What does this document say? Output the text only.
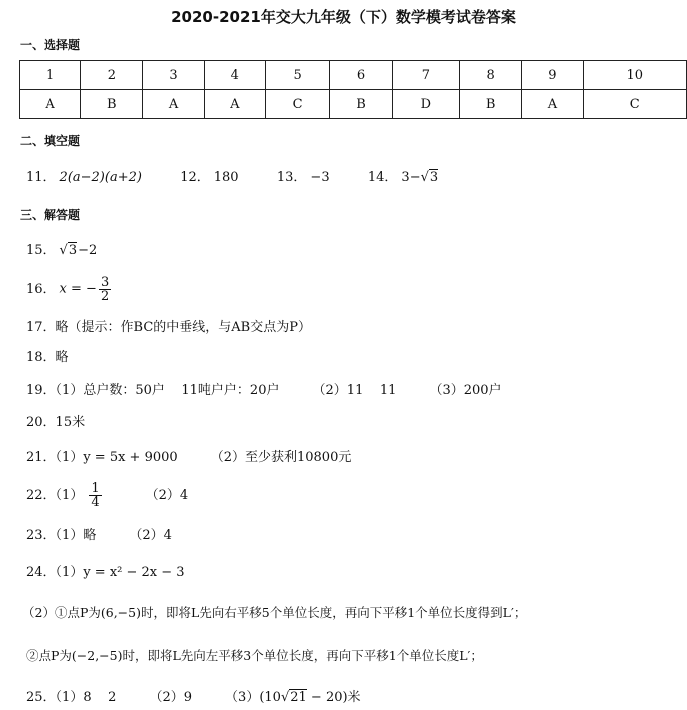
2020-2021年交大九年级（下）数学模考试卷答案
一、选择题
1	2	3	4	5	6	7	8	9	10
A	B	A	A	C	B	D	B	A	C
二、填空题
11． 2(a−2)(a+2)	12． 180	13． −3	14． 3−√3
三、解答题
15． √3−2
16． x = − $\frac{3}{2}$
17．略（提示：作BC的中垂线，与AB交点为P）
18．略
19．（1）总户数：50户    11吨户户：20户        （2）11    11        （3）200户
20．15米
21．（1）y = 5x + 9000        （2）至少获利10800元
22．$(1) \frac{1}{4}$	（2）4
23．（1）略        （2）4
24．（1）y = x² − 2x − 3
（2）①点P为(6,−5)时，即将L先向右平移5个单位长度，再向下平移1个单位长度得到L′；
②点P为(−2,−5)时，即将L先向左平移3个单位长度，再向下平移1个单位长度L′；
25．（1）8    2        （2）9        （3）(10√21 − 20)米
